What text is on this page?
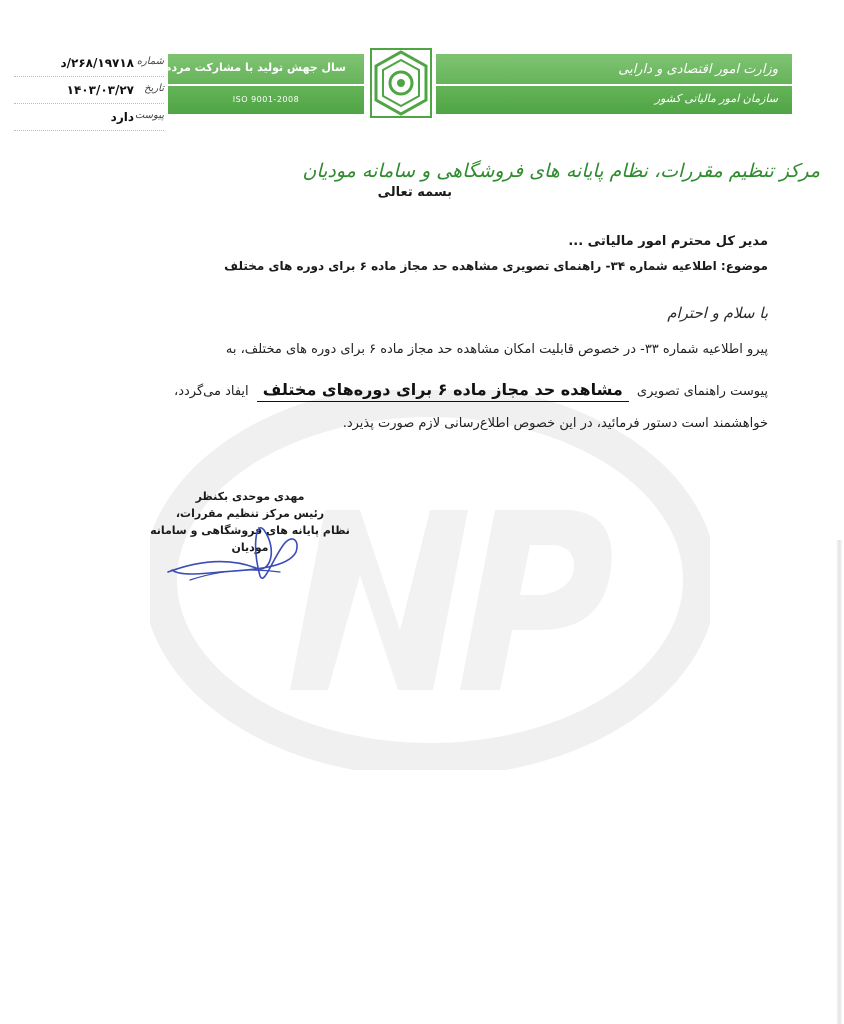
وزارت امور اقتصادی و دارایی
سازمان امور مالیاتی کشور
سال جهش تولید با مشارکت مردم
ISO 9001-2008
شماره
۲۶۸/۱۹۷۱۸/د
تاریخ
۱۴۰۳/۰۳/۲۷
پیوست
دارد
مرکز تنظیم مقررات، نظام پایانه های فروشگاهی و سامانه مودیان
بسمه تعالی
مدیر کل محترم امور مالیاتی ...
موضوع: اطلاعیه شماره ۳۴- راهنمای تصویری مشاهده حد مجاز ماده ۶ برای دوره های مختلف
با سلام و احترام
پیرو اطلاعیه شماره ۳۳- در خصوص قابلیت امکان مشاهده حد مجاز ماده ۶ برای دوره های مختلف، به
پیوست راهنمای تصویری مشاهده حد مجاز ماده ۶ برای دوره‌های مختلف ایفاد می‌گردد،
خواهشمند است دستور فرمائید، در این خصوص اطلاع‌رسانی لازم صورت پذیرد.
مهدی موحدی بکنظر
رئیس مرکز تنظیم مقررات،
نظام پایانه های فروشگاهی و سامانه مودیان
